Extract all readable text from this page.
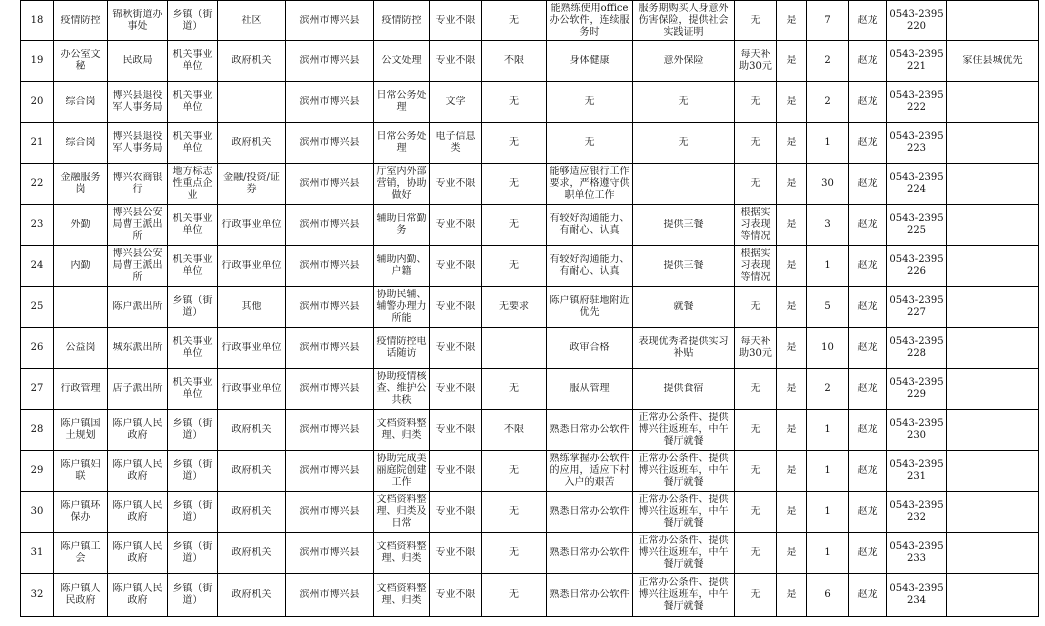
18	疫情防控	锦秋街道办事处	乡镇（街道）	社区	滨州市博兴县	疫情防控	专业不限	无	能熟练使用office办公软件，连续服务时	服务期购买人身意外伤害保险，提供社会实践证明	无	是	7	赵龙	0543-2395220	

19	办公室文秘	民政局	机关事业单位	政府机关	滨州市博兴县	公文处理	专业不限	不限	身体健康	意外保险	每天补助30元	是	2	赵龙	0543-2395221	家住县城优先

20	综合岗	博兴县退役军人事务局	机关事业单位		滨州市博兴县	日常公务处理	文学	无	无	无	无	是	2	赵龙	0543-2395222	

21	综合岗	博兴县退役军人事务局	机关事业单位	政府机关	滨州市博兴县	日常公务处理	电子信息类	无	无	无	无	是	1	赵龙	0543-2395223	

22	金融服务岗	博兴农商银行	地方标志性重点企业	金融/投资/证券	滨州市博兴县	厅室内外部营销，协助做好	专业不限	无	能够适应银行工作要求，严格遵守供职单位工作		无	是	30	赵龙	0543-2395224	

23	外勤	博兴县公安局曹王派出所	机关事业单位	行政事业单位	滨州市博兴县	辅助日常勤务	专业不限	无	有较好沟通能力、有耐心、认真	提供三餐	根据实习表现等情况	是	3	赵龙	0543-2395225	

24	内勤	博兴县公安局曹王派出所	机关事业单位	行政事业单位	滨州市博兴县	辅助内勤、户籍	专业不限	无	有较好沟通能力、有耐心、认真	提供三餐	根据实习表现等情况	是	1	赵龙	0543-2395226	

25		陈户派出所	乡镇（街道）	其他	滨州市博兴县	协助民辅、辅警办理力所能	专业不限	无要求	陈户镇府驻地附近优先	就餐	无	是	5	赵龙	0543-2395227	

26	公益岗	城东派出所	机关事业单位	行政事业单位	滨州市博兴县	疫情防控电话随访	专业不限		政审合格	表现优秀者提供实习补贴	每天补助30元	是	10	赵龙	0543-2395228	

27	行政管理	店子派出所	机关事业单位	行政事业单位	滨州市博兴县	协助疫情核查、维护公共秩	专业不限	无	服从管理	提供食宿	无	是	2	赵龙	0543-2395229	

28	陈户镇国土规划	陈户镇人民政府	乡镇（街道）	政府机关	滨州市博兴县	文档资料整理、归类	专业不限	不限	熟悉日常办公软件	正常办公条件、提供博兴往返班车，中午餐厅就餐	无	是	1	赵龙	0543-2395230	

29	陈户镇妇联	陈户镇人民政府	乡镇（街道）	政府机关	滨州市博兴县	协助完成美丽庭院创建工作	专业不限	无	熟练掌握办公软件的应用，适应下村入户的艰苦	正常办公条件、提供博兴往返班车，中午餐厅就餐	无	是	1	赵龙	0543-2395231	

30	陈户镇环保办	陈户镇人民政府	乡镇（街道）	政府机关	滨州市博兴县	文档资料整理、归类及日常	专业不限	无	熟悉日常办公软件	正常办公条件、提供博兴往返班车，中午餐厅就餐	无	是	1	赵龙	0543-2395232	

31	陈户镇工会	陈户镇人民政府	乡镇（街道）	政府机关	滨州市博兴县	文档资料整理、归类	专业不限	无	熟悉日常办公软件	正常办公条件、提供博兴往返班车，中午餐厅就餐	无	是	1	赵龙	0543-2395233	

32	陈户镇人民政府	陈户镇人民政府	乡镇（街道）	政府机关	滨州市博兴县	文档资料整理、归类	专业不限	无	熟悉日常办公软件	正常办公条件、提供博兴往返班车，中午餐厅就餐	无	是	6	赵龙	0543-2395234	
